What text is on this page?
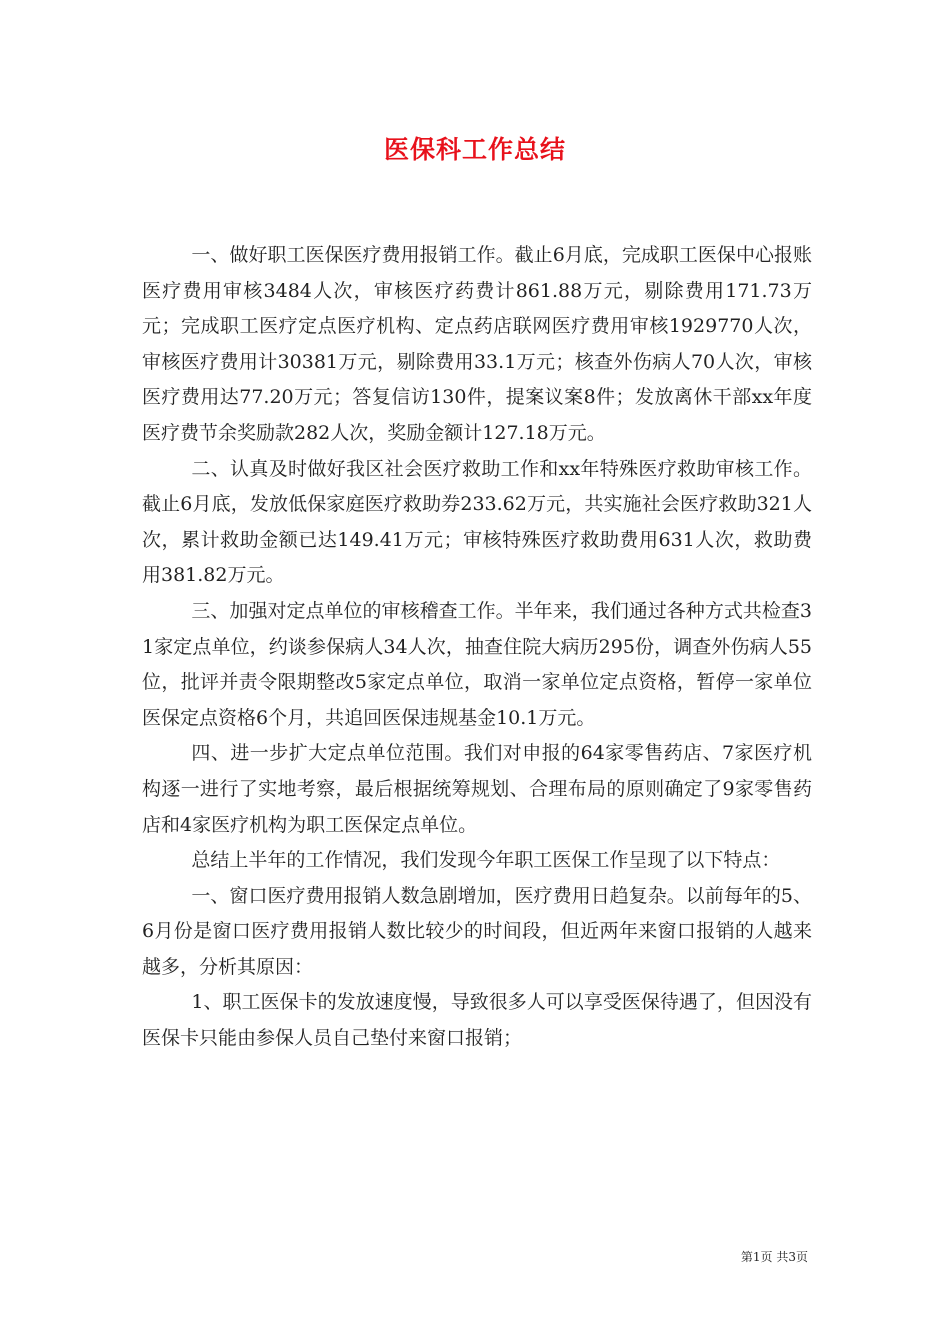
医保科工作总结

一、做好职工医保医疗费用报销工作。截止6月底，完成职工医保中心报账医疗费用审核3484人次，审核医疗药费计861.88万元，剔除费用171.73万元；完成职工医疗定点医疗机构、定点药店联网医疗费用审核1929770人次，审核医疗费用计30381万元，剔除费用33.1万元；核查外伤病人70人次，审核医疗费用达77.20万元；答复信访130件，提案议案8件；发放离休干部xx年度医疗费节余奖励款282人次，奖励金额计127.18万元。

二、认真及时做好我区社会医疗救助工作和xx年特殊医疗救助审核工作。截止6月底，发放低保家庭医疗救助券233.62万元，共实施社会医疗救助321人次，累计救助金额已达149.41万元；审核特殊医疗救助费用631人次，救助费用381.82万元。

三、加强对定点单位的审核稽查工作。半年来，我们通过各种方式共检查31家定点单位，约谈参保病人34人次，抽查住院大病历295份，调查外伤病人55位，批评并责令限期整改5家定点单位，取消一家单位定点资格，暂停一家单位医保定点资格6个月，共追回医保违规基金10.1万元。

四、进一步扩大定点单位范围。我们对申报的64家零售药店、7家医疗机构逐一进行了实地考察，最后根据统筹规划、合理布局的原则确定了9家零售药店和4家医疗机构为职工医保定点单位。

总结上半年的工作情况，我们发现今年职工医保工作呈现了以下特点：

一、窗口医疗费用报销人数急剧增加，医疗费用日趋复杂。以前每年的5、6月份是窗口医疗费用报销人数比较少的时间段，但近两年来窗口报销的人越来越多，分析其原因：

1、职工医保卡的发放速度慢，导致很多人可以享受医保待遇了，但因没有医保卡只能由参保人员自己垫付来窗口报销；

第1页 共3页
